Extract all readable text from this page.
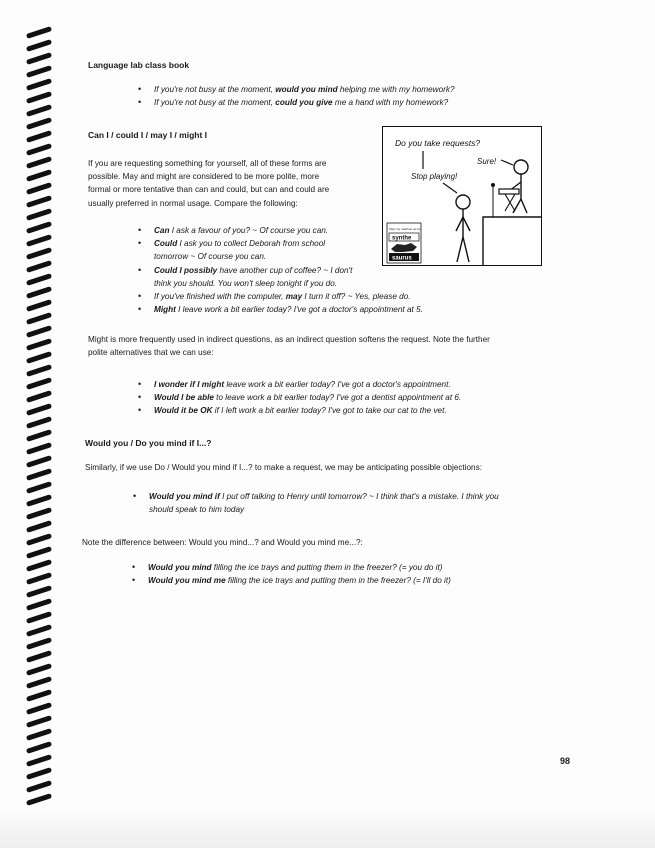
Language lab class book
• If you're not busy at the moment, would you mind helping me with my homework?
• If you're not busy at the moment, could you give me a hand with my homework?
Can I / could I / may I / might I
If you are requesting something for yourself, all of these forms are
possible. May and might are considered to be more polite, more
formal or more tentative than can and could, but can and could are
usually preferred in normal usage. Compare the following:
• Can I ask a favour of you? ~ Of course you can.
• Could I ask you to collect Deborah from school
tomorrow ~ Of course you can.
• Could I possibly have another cup of coffee? ~ I don't
think you should. You won't sleep tonight if you do.
• If you've finished with the computer, may I turn it off? ~ Yes, please do.
• Might I leave work a bit earlier today? I've got a doctor's appointment at 5.
Do you take requests?
Sure!
Stop playing!
Shut my machine up by
synthe
saurus
Might is more frequently used in indirect questions, as an indirect question softens the request. Note the further
polite alternatives that we can use:
• I wonder if I might leave work a bit earlier today? I've got a doctor's appointment.
• Would I be able to leave work a bit earlier today? I've got a dentist appointment at 6.
• Would it be OK if I left work a bit earlier today? I've got to take our cat to the vet.
Would you / Do you mind if I...?
Similarly, if we use Do / Would you mind if I...? to make a request, we may be anticipating possible objections:
• Would you mind if I put off talking to Henry until tomorrow? ~ I think that's a mistake. I think you
should speak to him today
Note the difference between: Would you mind...? and Would you mind me...?:
• Would you mind filling the ice trays and putting them in the freezer? (= you do it)
• Would you mind me filling the ice trays and putting them in the freezer? (= I'll do it)
98
